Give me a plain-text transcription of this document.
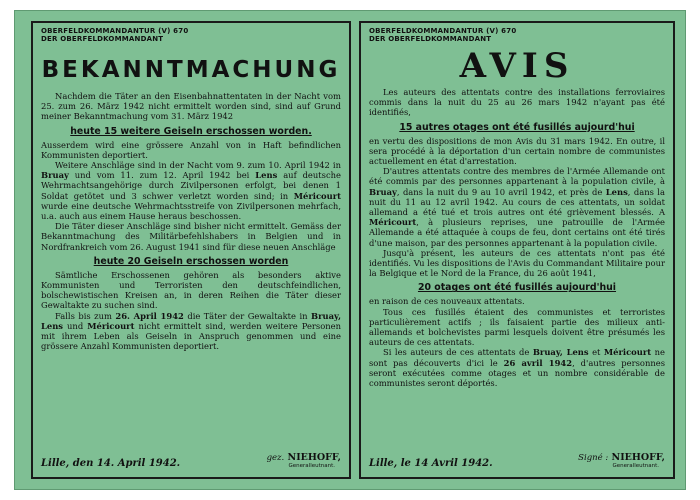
OBERFELDKOMMANDANTUR (V) 670
DER OBERFELDKOMMANDANT
BEKANNTMACHUNG

Nachdem die Täter an den Eisenbahnattentaten in der Nacht vom 25. zum 26. März 1942 nicht ermittelt worden sind, sind auf Grund meiner Bekanntmachung vom 31. März 1942

heute 15 weitere Geiseln erschossen worden.

Ausserdem wird eine grössere Anzahl von in Haft befindlichen Kommunisten deportiert.

Weitere Anschläge sind in der Nacht vom 9. zum 10. April 1942 in Bruay und vom 11. zum 12. April 1942 bei Lens auf deutsche Wehrmachtsangehörige durch Zivilpersonen erfolgt, bei denen 1 Soldat getötet und 3 schwer verletzt worden sind; in Méricourt wurde eine deutsche Wehrmachtsstreife von Zivilpersonen mehrfach, u.a. auch aus einem Hause heraus beschossen.

Die Täter dieser Anschläge sind bisher nicht ermittelt. Gemäss der Bekanntmachung des Militärbefehlshabers in Belgien und in Nordfrankreich vom 26. August 1941 sind für diese neuen Anschläge

heute 20 Geiseln erschossen worden

Sämtliche Erschossenen gehören als besonders aktive Kommunisten und Terroristen den deutschfeindlichen, bolschewistischen Kreisen an, in deren Reihen die Täter dieser Gewaltakte zu suchen sind.

Falls bis zum 26. April 1942 die Täter der Gewaltakte in Bruay, Lens und Méricourt nicht ermittelt sind, werden weitere Personen mit ihrem Leben als Geiseln in Anspruch genommen und eine grössere Anzahl Kommunisten deportiert.

Lille, den 14. April 1942.	gez. NIEHOFF,
Generalleutnant.
OBERFELDKOMMANDANTUR (V) 670
DER OBERFELDKOMMANDANT
AVIS

Les auteurs des attentats contre des installations ferroviaires commis dans la nuit du 25 au 26 mars 1942 n'ayant pas été identifiés,

15 autres otages ont été fusillés aujourd'hui

en vertu des dispositions de mon Avis du 31 mars 1942. En outre, il sera procédé à la déportation d'un certain nombre de communistes actuellement en état d'arrestation.

D'autres attentats contre des membres de l'Armée Allemande ont été commis par des personnes appartenant à la population civile, à Bruay, dans la nuit du 9 au 10 avril 1942, et près de Lens, dans la nuit du 11 au 12 avril 1942. Au cours de ces attentats, un soldat allemand a été tué et trois autres ont été grièvement blessés. A Méricourt, à plusieurs reprises, une patrouille de l'Armée Allemande a été attaquée à coups de feu, dont certains ont été tirés d'une maison, par des personnes appartenant à la population civile.

Jusqu'à présent, les auteurs de ces attentats n'ont pas été identifiés. Vu les dispositions de l'Avis du Commandant Militaire pour la Belgique et le Nord de la France, du 26 août 1941,

20 otages ont été fusillés aujourd'hui

en raison de ces nouveaux attentats.

Tous ces fusillés étaient des communistes et terroristes particulièrement actifs ; ils faisaient partie des milieux anti-allemands et bolchevistes parmi lesquels doivent être présumés les auteurs de ces attentats.

Si les auteurs de ces attentats de Bruay, Lens et Méricourt ne sont pas découverts d'ici le 26 avril 1942, d'autres personnes seront exécutées comme otages et un nombre considérable de communistes seront déportés.

Lille, le 14 Avril 1942.	Signé : NIEHOFF,
Generalleutnant.
